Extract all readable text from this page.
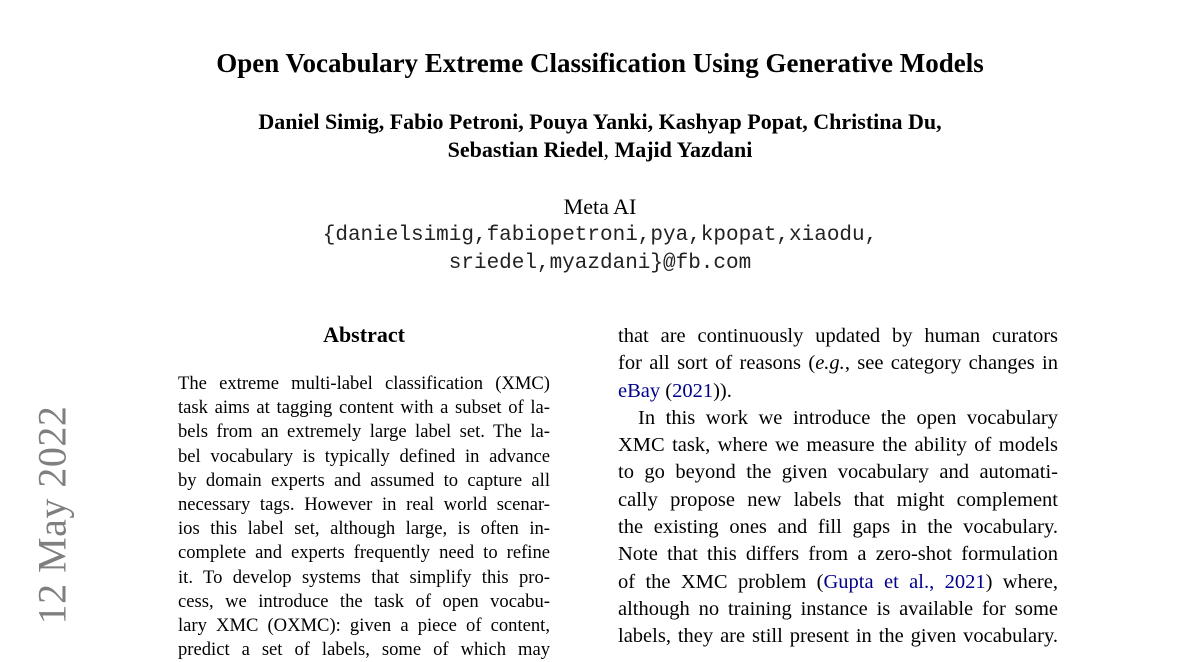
Open Vocabulary Extreme Classification Using Generative Models
Daniel Simig, Fabio Petroni, Pouya Yanki, Kashyap Popat, Christina Du,
Sebastian Riedel, Majid Yazdani
Meta AI
{danielsimig,fabiopetroni,pya,kpopat,xiaodu,
sriedel,myazdani}@fb.com
12 May 2022
Abstract
The extreme multi-label classification (XMC)
task aims at tagging content with a subset of la-
bels from an extremely large label set. The la-
bel vocabulary is typically defined in advance
by domain experts and assumed to capture all
necessary tags. However in real world scenar-
ios this label set, although large, is often in-
complete and experts frequently need to refine
it. To develop systems that simplify this pro-
cess, we introduce the task of open vocabu-
lary XMC (OXMC): given a piece of content,
predict a set of labels, some of which may
that are continuously updated by human curators
for all sort of reasons (e.g., see category changes in
eBay (2021)).
In this work we introduce the open vocabulary
XMC task, where we measure the ability of models
to go beyond the given vocabulary and automati-
cally propose new labels that might complement
the existing ones and fill gaps in the vocabulary.
Note that this differs from a zero-shot formulation
of the XMC problem (Gupta et al., 2021) where,
although no training instance is available for some
labels, they are still present in the given vocabulary.
